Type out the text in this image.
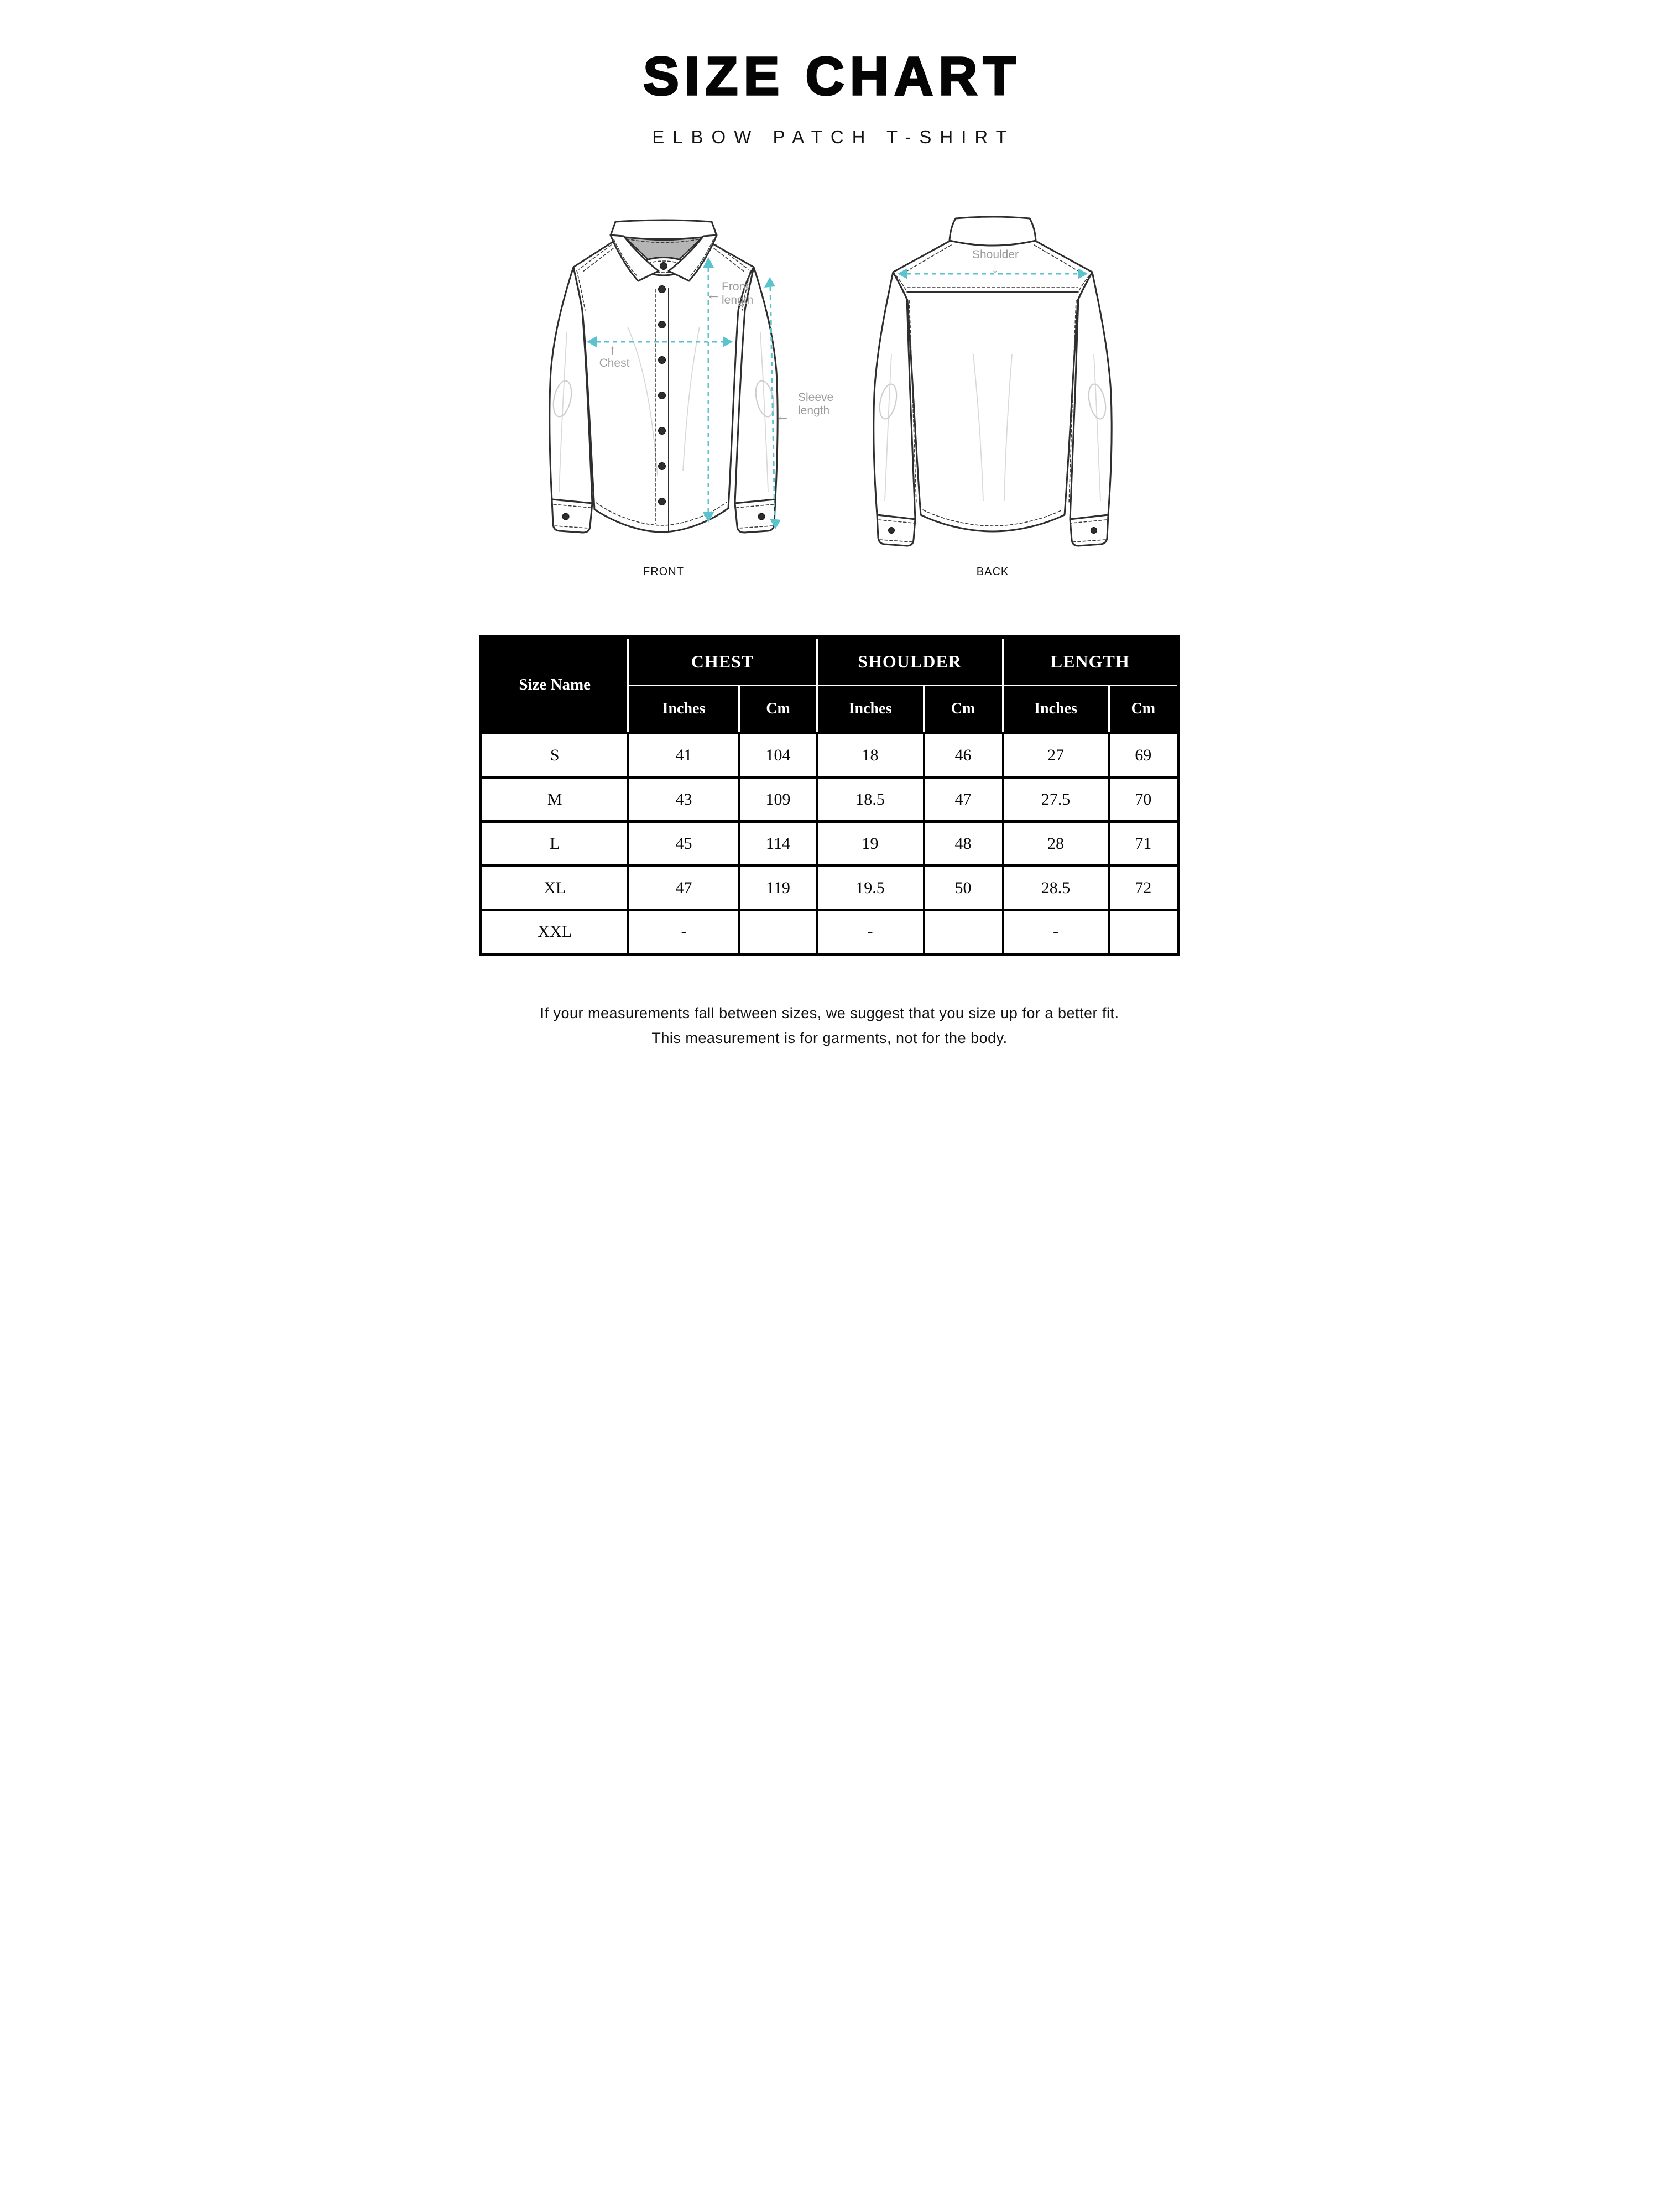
SIZE CHART
ELBOW PATCH T-SHIRT
Front length
←
Chest
↑
Sleeve length
←
Shoulder
↓
FRONT	BACK
Size Name	CHEST		SHOULDER		LENGTH	
	Inches	Cm	Inches	Cm	Inches	Cm
S	41	104	18	46	27	69
M	43	109	18.5	47	27.5	70
L	45	114	19	48	28	71
XL	47	119	19.5	50	28.5	72
XXL	-		-		-	

If your measurements fall between sizes, we suggest that you size up for a better fit.

This measurement is for garments, not for the body.
